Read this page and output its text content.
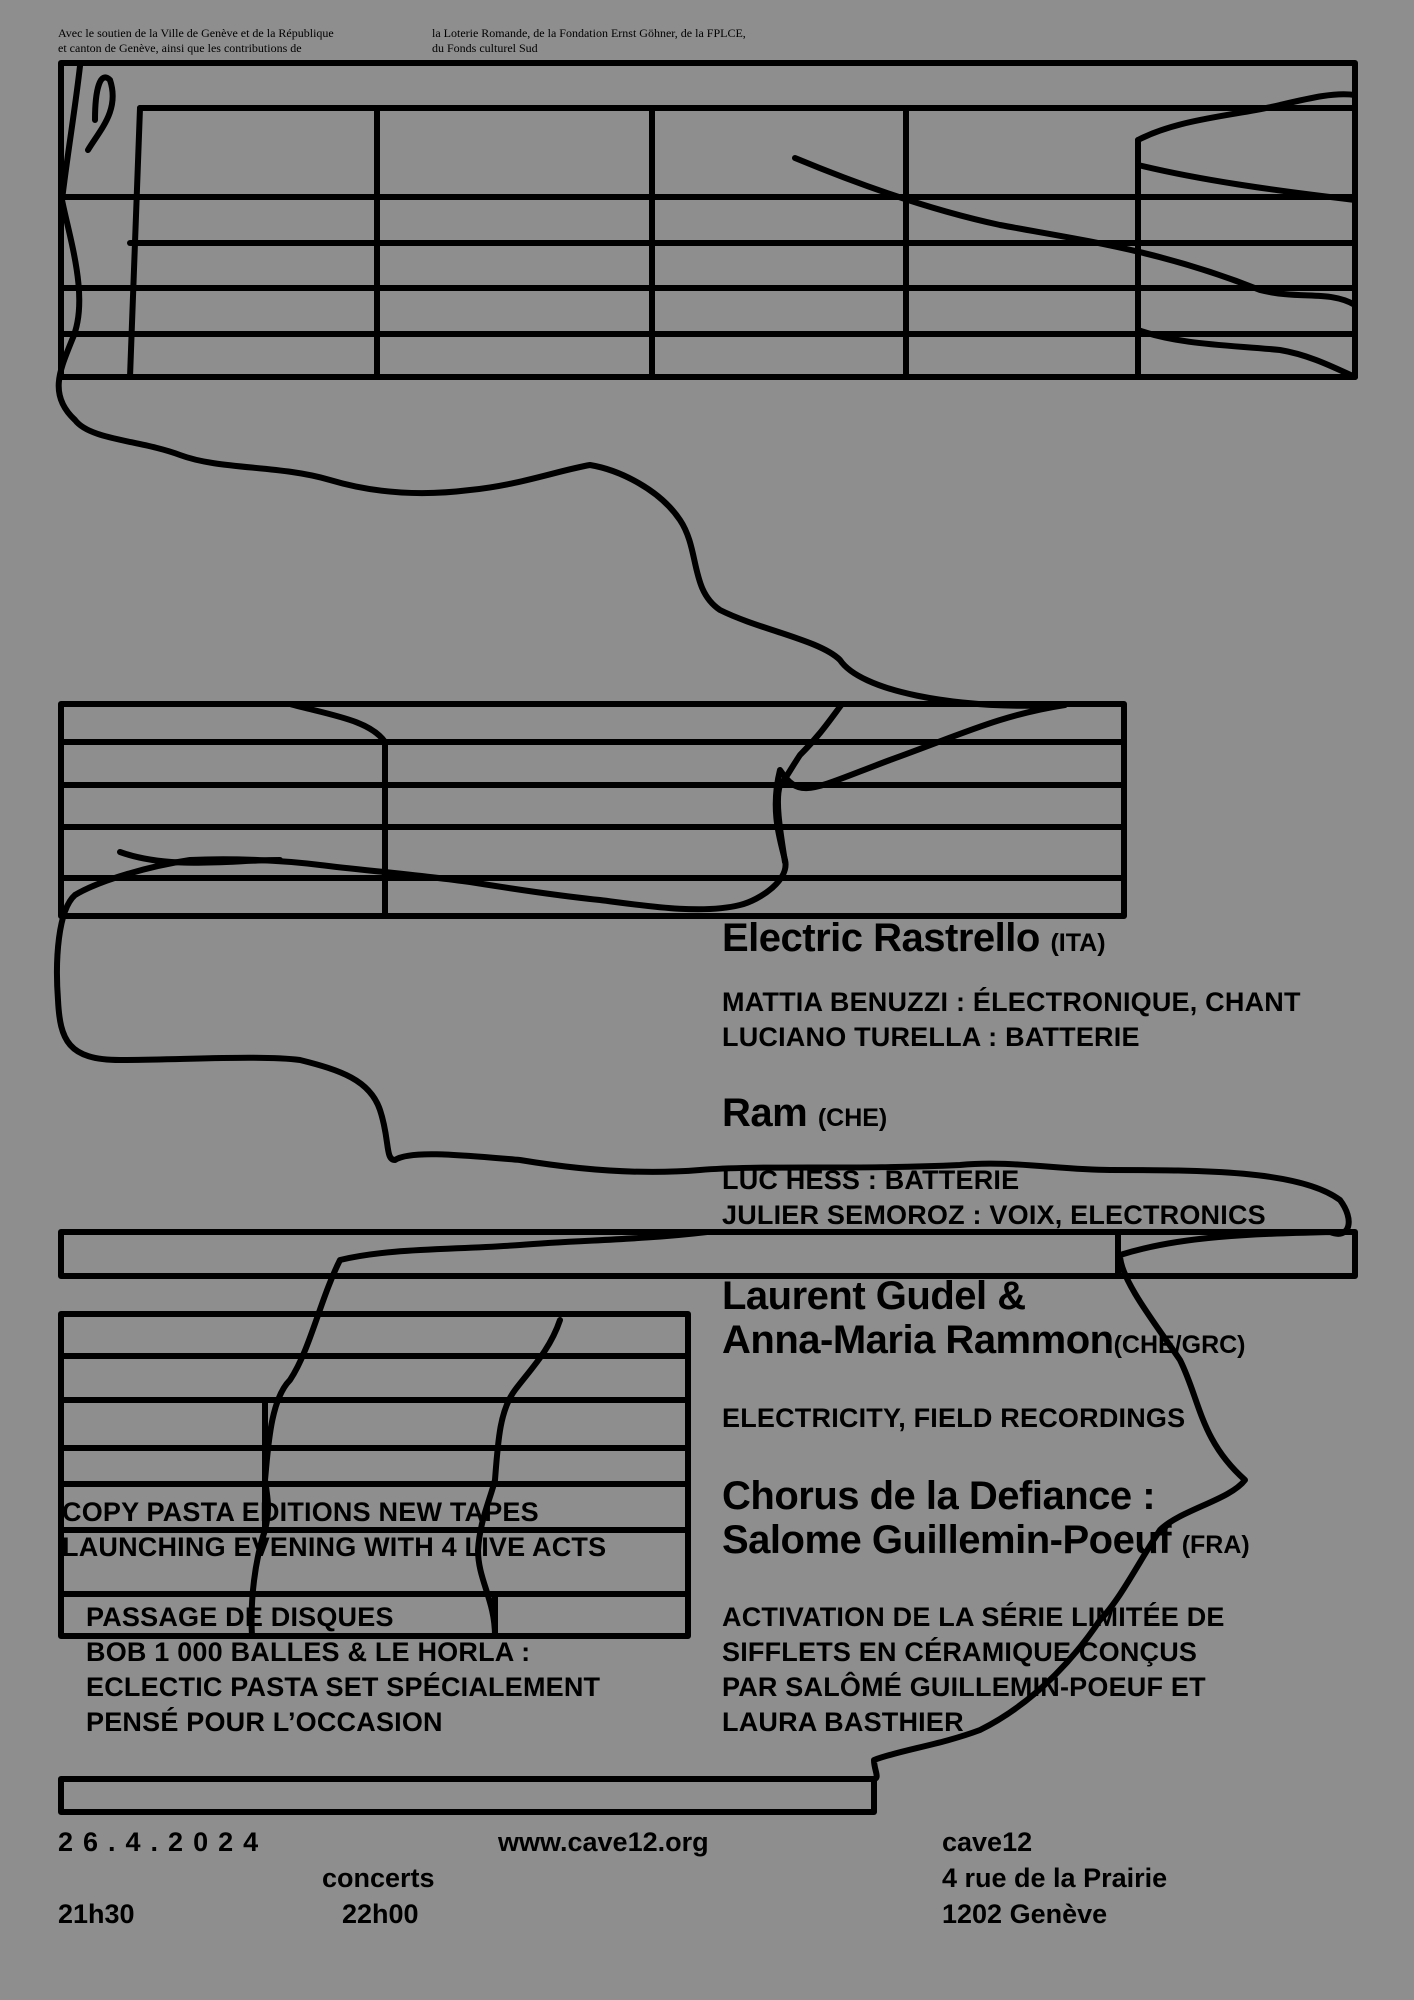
Avec le soutien de la Ville de Genève et de la République
et canton de Genève, ainsi que les contributions de
la Loterie Romande, de la Fondation Ernst Göhner, de la FPLCE,
du Fonds culturel Sud
Electric Rastrello (ITA)
MATTIA BENUZZI : ÉLECTRONIQUE, CHANT
LUCIANO TURELLA : BATTERIE
Ram (CHE)
LUC HESS : BATTERIE
JULIER SEMOROZ : VOIX, ELECTRONICS
Laurent Gudel &
Anna-Maria Rammon(CHE/GRC)
ELECTRICITY, FIELD RECORDINGS
Chorus de la Defiance :
Salome Guillemin-Poeuf (FRA)
ACTIVATION DE LA SÉRIE LIMITÉE DE
SIFFLETS EN CÉRAMIQUE CONÇUS
PAR SALÔMÉ GUILLEMIN-POEUF ET
LAURA BASTHIER
COPY PASTA EDITIONS NEW TAPES
LAUNCHING EVENING WITH 4 LIVE ACTS
PASSAGE DE DISQUES
BOB 1 000 BALLES & LE HORLA :
ECLECTIC PASTA SET SPÉCIALEMENT
PENSÉ POUR L’OCCASION
26.4.2024
21h30
concerts
22h00
www.cave12.org	cave12
4 rue de la Prairie
1202 Genève
